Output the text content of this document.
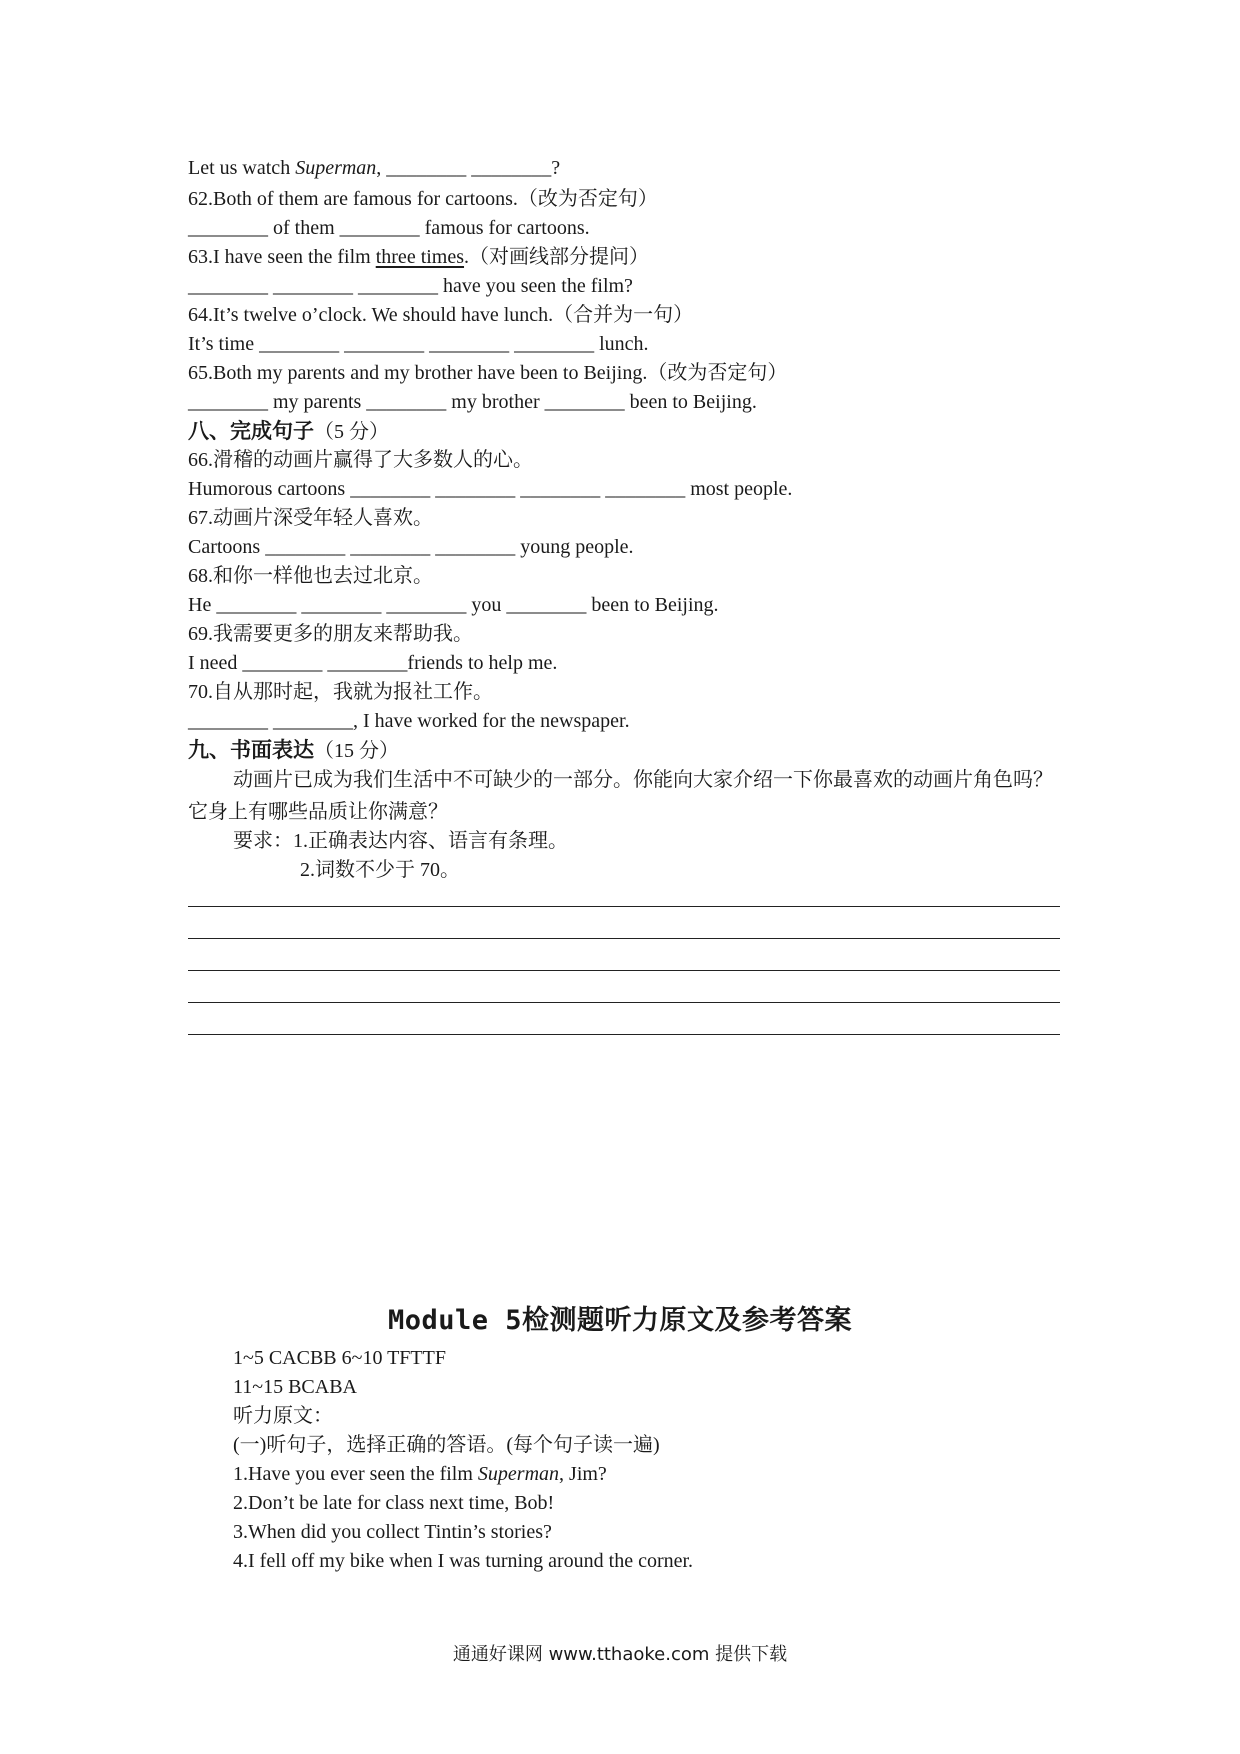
Let us watch Superman, ________ ________?
62.Both of them are famous for cartoons.（改为否定句）
________ of them ________ famous for cartoons.
63.I have seen the film three times.（对画线部分提问）
________ ________ ________ have you seen the film?
64.It’s twelve o’clock. We should have lunch.（合并为一句）
It’s time ________ ________ ________ ________ lunch.
65.Both my parents and my brother have been to Beijing.（改为否定句）
________ my parents ________ my brother ________ been to Beijing.
八、完成句子（5 分）
66.滑稽的动画片赢得了大多数人的心。
Humorous cartoons ________ ________ ________ ________ most people.
67.动画片深受年轻人喜欢。
Cartoons ________ ________ ________ young people.
68.和你一样他也去过北京。
He ________ ________ ________ you ________ been to Beijing.
69.我需要更多的朋友来帮助我。
I need ________ ________friends to help me.
70.自从那时起，我就为报社工作。
________ ________, I have worked for the newspaper.
九、书面表达（15 分）
动画片已成为我们生活中不可缺少的一部分。你能向大家介绍一下你最喜欢的动画片角色吗？它身上有哪些品质让你满意？
要求：1.正确表达内容、语言有条理。
2.词数不少于 70。
Module 5检测题听力原文及参考答案
1~5 CACBB 6~10 TFTTF
11~15 BCABA
听力原文：
(一)听句子，选择正确的答语。(每个句子读一遍)
1.Have you ever seen the film Superman, Jim?
2.Don’t be late for class next time, Bob!
3.When did you collect Tintin’s stories?
4.I fell off my bike when I was turning around the corner.
通通好课网 www.tthaoke.com 提供下载
